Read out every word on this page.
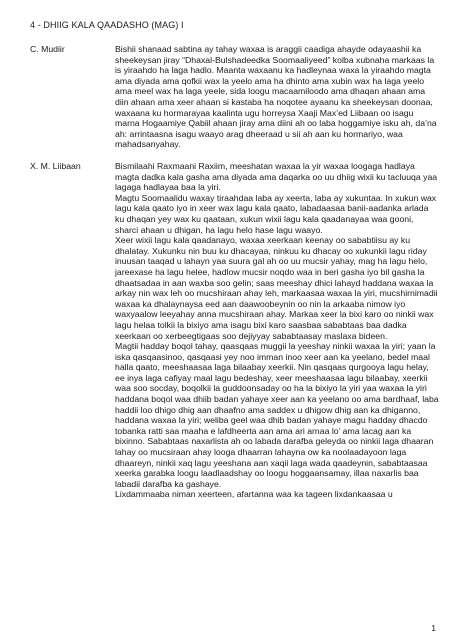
4 - DHIIG KALA QAADASHO (MAG) I
C. Mudiir	Bishii shanaad sabtina ay tahay waxaa is araggii caadiga ahayde odayaashii ka sheekeysan jiray “Dhaxal-Bulshadeedka Soomaaliyeed” kolba xubnaha markaas la is yiraahdo ha laga hadlo. Maanta waxaanu ka hadleynaa waxa la yiraahdo magta ama diyada ama qofkii wax la yeelo ama ha dhinto ama xubin wax ha laga yeelo ama meel wax ha laga yeele, sida loogu macaamiloodo ama dhaqan ahaan ama diin ahaan ama xeer ahaan si kastaba ha noqotee ayaanu ka sheekeysan doonaa, waxaana ku hormarayaa kaalinta ugu horreysa Xaaji Max’ed Liibaan oo isagu marna Hogaamiye Qabiil ahaan jiray ama diini ah oo laba hoggamiye isku ah, da’na ah: arrintaasna isagu waayo arag dheeraad u sii ah aan ku hormariyo, waa mahadsanyahay.

X. M. Liibaan	Bismilaahi Raxmaani Raxiim, meeshatan waxaa la yir waxaa loogaga hadlaya magta dadka kala gasha ama diyada ama daqarka oo uu dhiig wixii ku tacluuqa yaa lagaga hadlayaa baa la yiri.

Magtu Soomaalidu waxay tiraahdaa laba ay xeerta, laba ay xukuntaa. In xukun wax lagu kala qaato iyo in xeer wax lagu kala qaato, labadaasaa banii-aadanka arlada ku dhaqan yey wax ku qaataan, xukun wixii lagu kala qaadanayaa waa gooni, sharci ahaan u dhigan, ha lagu helo hase lagu waayo.

Xeer wixii lagu kala qaadanayo, waxaa xeerkaan keenay oo sababtiisu ay ku dhalatay. Xukunku nin buu ku dhacayaa, ninkuu ku dhacay oo xukunkii lagu riday inuusan taaqad u lahayn yaa suura gal ah oo uu mucsir yahay, mag ha lagu helo, jareexase ha lagu helee, hadlow mucsir noqdo waa in beri gasha iyo bil gasha la dhaatsadaa in aan waxba soo gelin; saas meeshay dhici lahayd haddana waxaa la arkay nin wax leh oo mucshiraan ahay leh, markaasaa waxaa la yiri, mucshirnimadii waxaa ka dhalaynaysa eed aan daawoobeynin oo nin la arkaaba nimow iyo waxyaalow leeyahay anna mucshiraan ahay. Markaa xeer la bixi karo oo ninkii wax lagu helaa tolkii la bixiyo ama isagu bixi karo saasbaa sababtaas baa dadka xeerkaan oo xerbeegtigaas soo dejiyyay sababtaasay maslaxa bideen.

Magtii hadday boqol tahay, qaasqaas muggii la yeeshay ninkii waxaa la yiri; yaan la iska qasqaasinoo, qasqaasi yey noo imman inoo xeer aan ka yeelano, bedel maal halla qaato, meeshaasaa laga bilaabay xeerkii. Nin qasqaas qurgooya lagu helay, ee inya laga cafiyay maal lagu bedeshay, xeer meeshaasaa lagu bilaabay, xeerkii waa soo socday, boqolkii la guddoonsaday oo ha la bixiyo la yiri yaa waxaa la yiri haddana boqol waa dhiib badan yahaye xeer aan ka yeelano oo ama bardhaaf, laba haddii loo dhigo dhig aan dhaafno ama saddex u dhigow dhig aan ka dhiganno, haddana waxaa la yiri; weliba geel waa dhib badan yahaye magu hadday dhacdo tobanka ratti saa maaha e lafdheerta aan ama ari arnaa lo’ ama lacag aan ka bixinno. Sababtaas naxarlista ah oo labada darafba geleyda oo ninkii laga dhaaran lahay oo mucsiraan ahay looga dhaarran lahayna ow ka noolaadayoon laga dhaareyn, ninkii xaq lagu yeeshana aan xaqii laga wada qaadeynin, sababtaasaa xeerka garabka loogu laadlaadshay oo loogu hoggaansamay, illaa naxarlis baa labadii darafba ka gashaye.

Lixdammaaba niman xeerteen, afartanna waa ka tageen lixdankaasaa u

1
